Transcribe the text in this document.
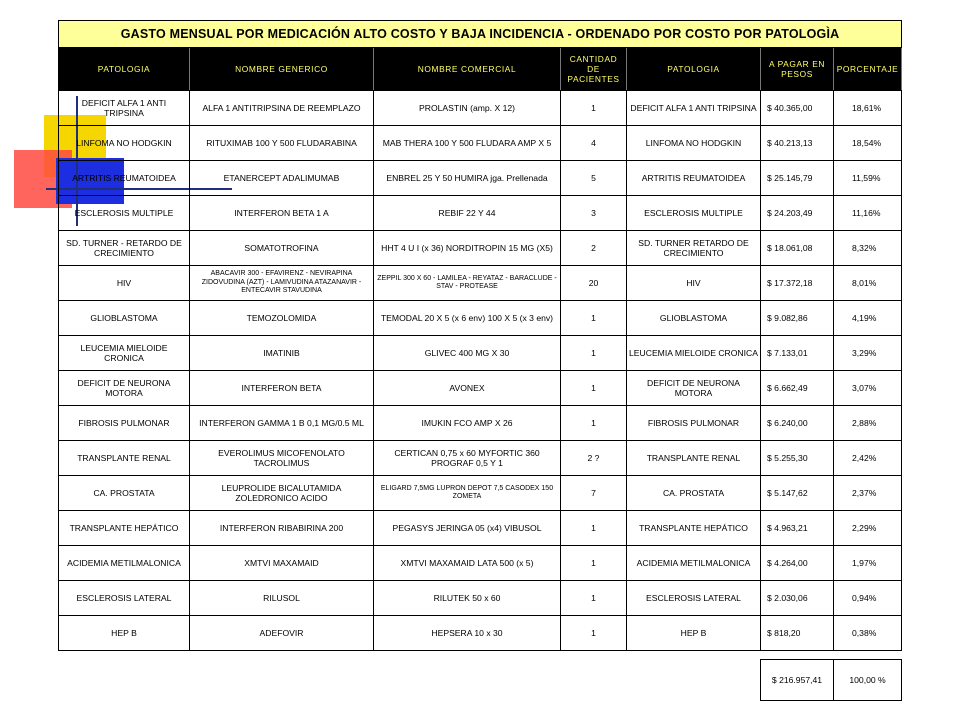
GASTO MENSUAL POR MEDICACIÓN ALTO COSTO Y BAJA INCIDENCIA - ORDENADO POR COSTO POR PATOLOGÌA						
PATOLOGIA	NOMBRE GENERICO	NOMBRE COMERCIAL	CANTIDAD DE PACIENTES	PATOLOGIA	A PAGAR EN PESOS	PORCENTAJE
DEFICIT ALFA 1 ANTI TRIPSINA	ALFA 1 ANTITRIPSINA DE REEMPLAZO	PROLASTIN (amp. X 12)	1	DEFICIT ALFA 1 ANTI TRIPSINA	$ 40.365,00	18,61%
LINFOMA NO HODGKIN	RITUXIMAB 100 Y 500 FLUDARABINA	MAB THERA 100 Y 500 FLUDARA AMP X 5	4	LINFOMA NO HODGKIN	$ 40.213,13	18,54%
ARTRITIS REUMATOIDEA	ETANERCEPT ADALIMUMAB	ENBREL 25 Y 50 HUMIRA jga. Prellenada	5	ARTRITIS REUMATOIDEA	$ 25.145,79	11,59%
ESCLEROSIS MULTIPLE	INTERFERON BETA 1 A	REBIF 22 Y 44	3	ESCLEROSIS MULTIPLE	$ 24.203,49	11,16%
SD. TURNER - RETARDO DE CRECIMIENTO	SOMATOTROFINA	HHT 4 U I (x 36) NORDITROPIN 15 MG (X5)	2	SD. TURNER RETARDO DE CRECIMIENTO	$ 18.061,08	8,32%
HIV	ABACAVIR 300 - EFAVIRENZ - NEVIRAPINA ZIDOVUDINA (AZT) - LAMIVUDINA ATAZANAVIR - ENTECAVIR STAVUDINA	ZEPPIL 300 X 60 - LAMILEA - REYATAZ - BARACLUDE - STAV - PROTEASE	20	HIV	$ 17.372,18	8,01%
GLIOBLASTOMA	TEMOZOLOMIDA	TEMODAL 20 X 5 (x 6 env) 100 X 5 (x 3 env)	1	GLIOBLASTOMA	$ 9.082,86	4,19%
LEUCEMIA MIELOIDE CRONICA	IMATINIB	GLIVEC 400 MG X 30	1	LEUCEMIA MIELOIDE CRONICA	$ 7.133,01	3,29%
DEFICIT DE NEURONA MOTORA	INTERFERON BETA	AVONEX	1	DEFICIT DE NEURONA MOTORA	$ 6.662,49	3,07%
FIBROSIS PULMONAR	INTERFERON GAMMA 1 B 0,1 MG/0.5 ML	IMUKIN FCO AMP X 26	1	FIBROSIS PULMONAR	$ 6.240,00	2,88%
TRANSPLANTE RENAL	EVEROLIMUS MICOFENOLATO TACROLIMUS	CERTICAN 0,75 x 60 MYFORTIC 360 PROGRAF 0,5 Y 1	2 ?	TRANSPLANTE RENAL	$ 5.255,30	2,42%
CA. PROSTATA	LEUPROLIDE BICALUTAMIDA ZOLEDRONICO ACIDO	ELIGARD 7,5MG LUPRON DEPOT 7,5 CASODEX 150 ZOMETA	7	CA. PROSTATA	$ 5.147,62	2,37%
TRANSPLANTE HEPÁTICO	INTERFERON RIBABIRINA 200	PEGASYS JERINGA 05 (x4) VIBUSOL	1	TRANSPLANTE HEPÁTICO	$ 4.963,21	2,29%
ACIDEMIA METILMALONICA	XMTVI MAXAMAID	XMTVI MAXAMAID LATA 500 (x 5)	1	ACIDEMIA METILMALONICA	$ 4.264,00	1,97%
ESCLEROSIS LATERAL	RILUSOL	RILUTEK 50 x 60	1	ESCLEROSIS LATERAL	$ 2.030,06	0,94%
HEP B	ADEFOVIR	HEPSERA 10 x 30	1	HEP B	$ 818,20	0,38%

					$ 216.957,41	100,00 %
